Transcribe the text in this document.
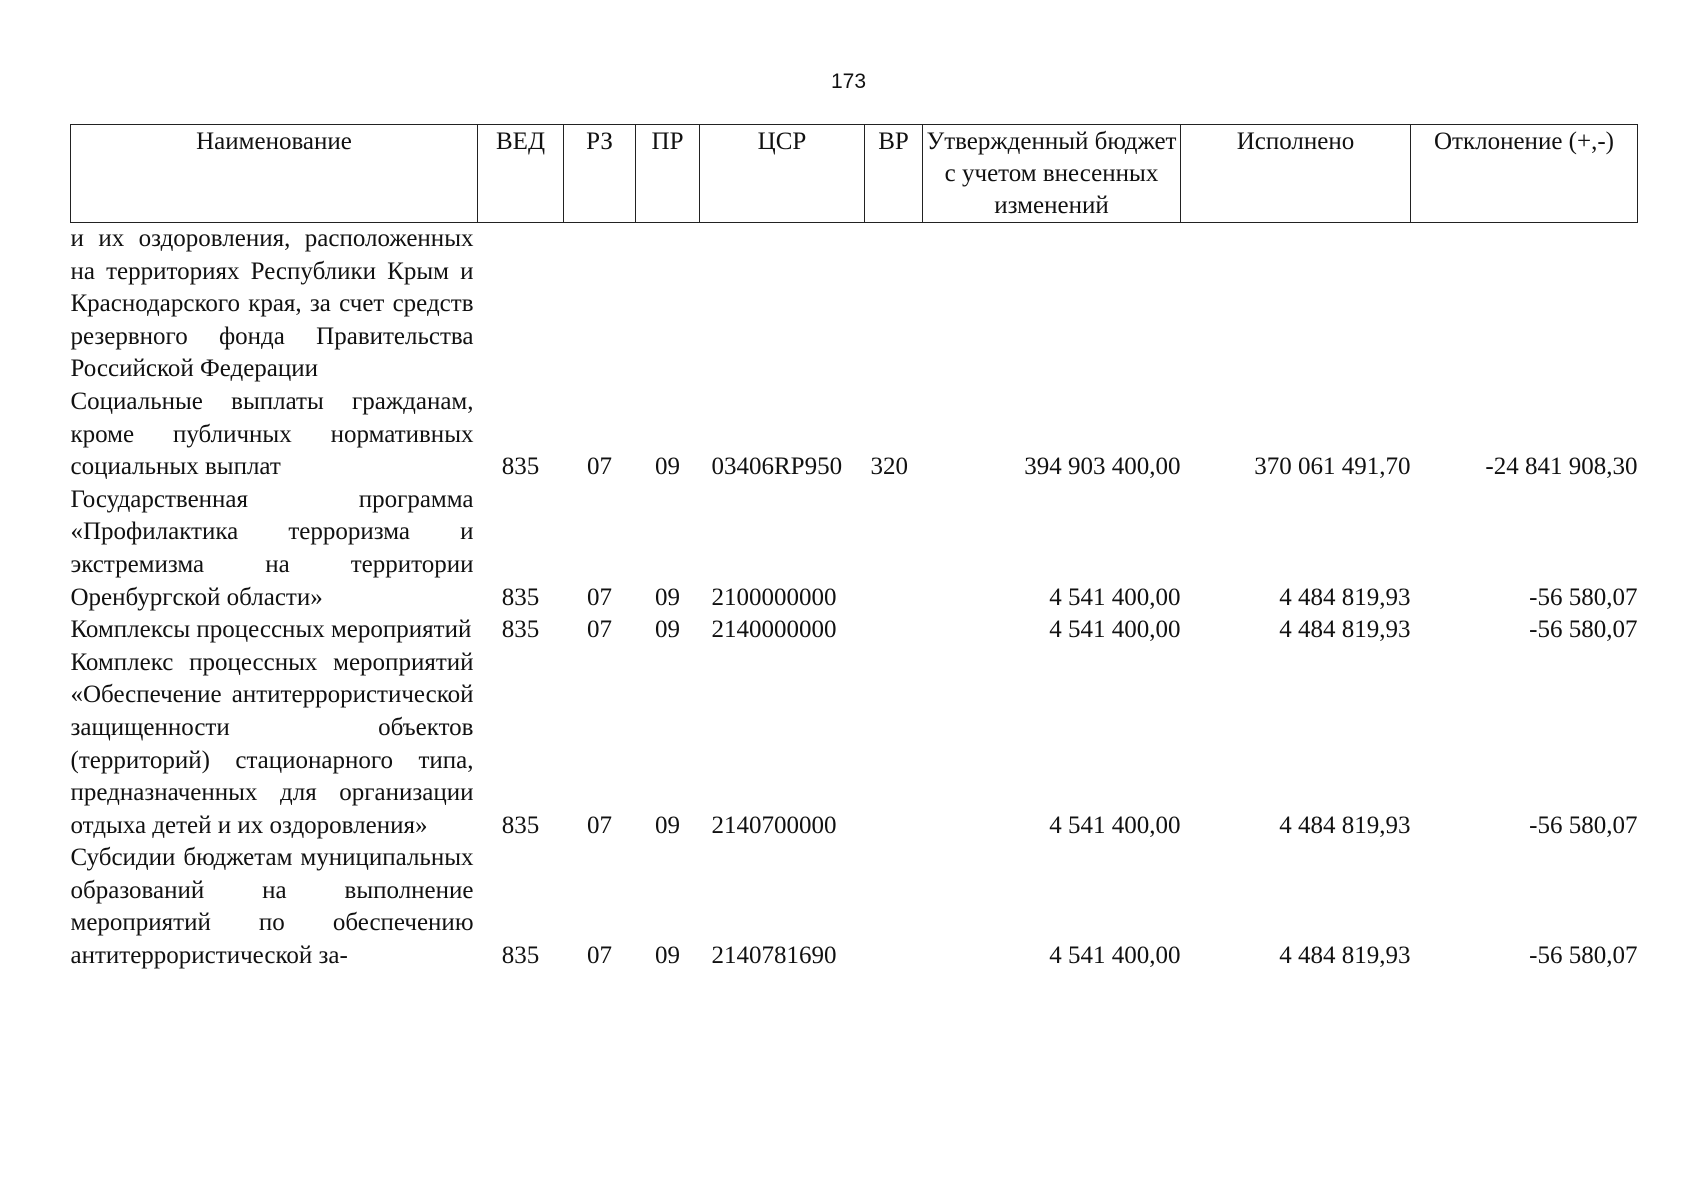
173
Наименование	ВЕД	РЗ	ПР	ЦСР	ВР	Утвержденный бюджет с учетом внесенных изменений	Исполнено	Отклонение (+,-)
и их оздоровления, расположенных на территориях Республики Крым и Краснодарского края, за счет средств резервного фонда Правительства Российской Федерации								
Социальные выплаты гражданам, кроме публичных нормативных социальных выплат	835	07	09	03406RP950	320	394 903 400,00	370 061 491,70	-24 841 908,30
Государственная программа «Профилактика терроризма и экстремизма на территории Оренбургской области»	835	07	09	2100000000		4 541 400,00	4 484 819,93	-56 580,07
Комплексы процессных мероприятий	835	07	09	2140000000		4 541 400,00	4 484 819,93	-56 580,07
Комплекс процессных мероприятий «Обеспечение антитеррористической защищенности объектов (территорий) стационарного типа, предназначенных для организации отдыха детей и их оздоровления»	835	07	09	2140700000		4 541 400,00	4 484 819,93	-56 580,07
Субсидии бюджетам муниципальных образований на выполнение мероприятий по обеспечению антитеррористической за-	835	07	09	2140781690		4 541 400,00	4 484 819,93	-56 580,07
